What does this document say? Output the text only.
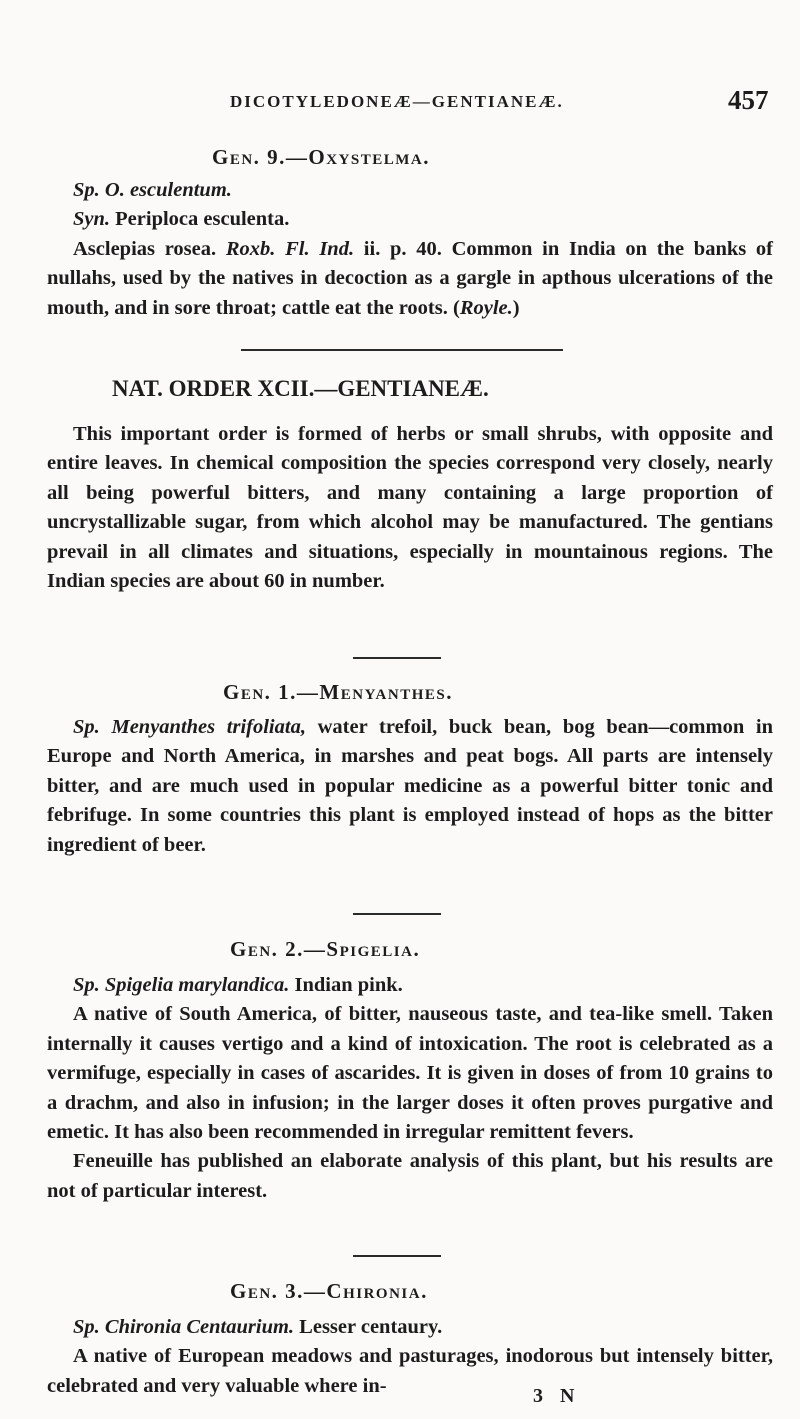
DICOTYLEDONEÆ—GENTIANEÆ.	457

Gen. 9.—Oxystelma.

Sp. O. esculentum.

Syn. Periploca esculenta.

Asclepias rosea. Roxb. Fl. Ind. ii. p. 40. Common in India on the banks of nullahs, used by the natives in decoction as a gargle in apthous ulcerations of the mouth, and in sore throat; cattle eat the roots. (Royle.)

NAT. ORDER XCII.—GENTIANEÆ.

This important order is formed of herbs or small shrubs, with opposite and entire leaves. In chemical composition the species correspond very closely, nearly all being powerful bitters, and many containing a large proportion of uncrystallizable sugar, from which alcohol may be manufactured. The gentians prevail in all climates and situations, especially in mountainous regions. The Indian species are about 60 in number.

Gen. 1.—Menyanthes.

Sp. Menyanthes trifoliata, water trefoil, buck bean, bog bean—common in Europe and North America, in marshes and peat bogs. All parts are intensely bitter, and are much used in popular medicine as a powerful bitter tonic and febrifuge. In some countries this plant is employed instead of hops as the bitter ingredient of beer.

Gen. 2.—Spigelia.

Sp. Spigelia marylandica. Indian pink.

A native of South America, of bitter, nauseous taste, and tea-like smell. Taken internally it causes vertigo and a kind of intoxication. The root is celebrated as a vermifuge, especially in cases of ascarides. It is given in doses of from 10 grains to a drachm, and also in infusion; in the larger doses it often proves purgative and emetic. It has also been recommended in irregular remittent fevers.

Feneuille has published an elaborate analysis of this plant, but his results are not of particular interest.

Gen. 3.—Chironia.

Sp. Chironia Centaurium. Lesser centaury.

A native of European meadows and pasturages, inodorous but intensely bitter, celebrated and very valuable where in-	3 N
